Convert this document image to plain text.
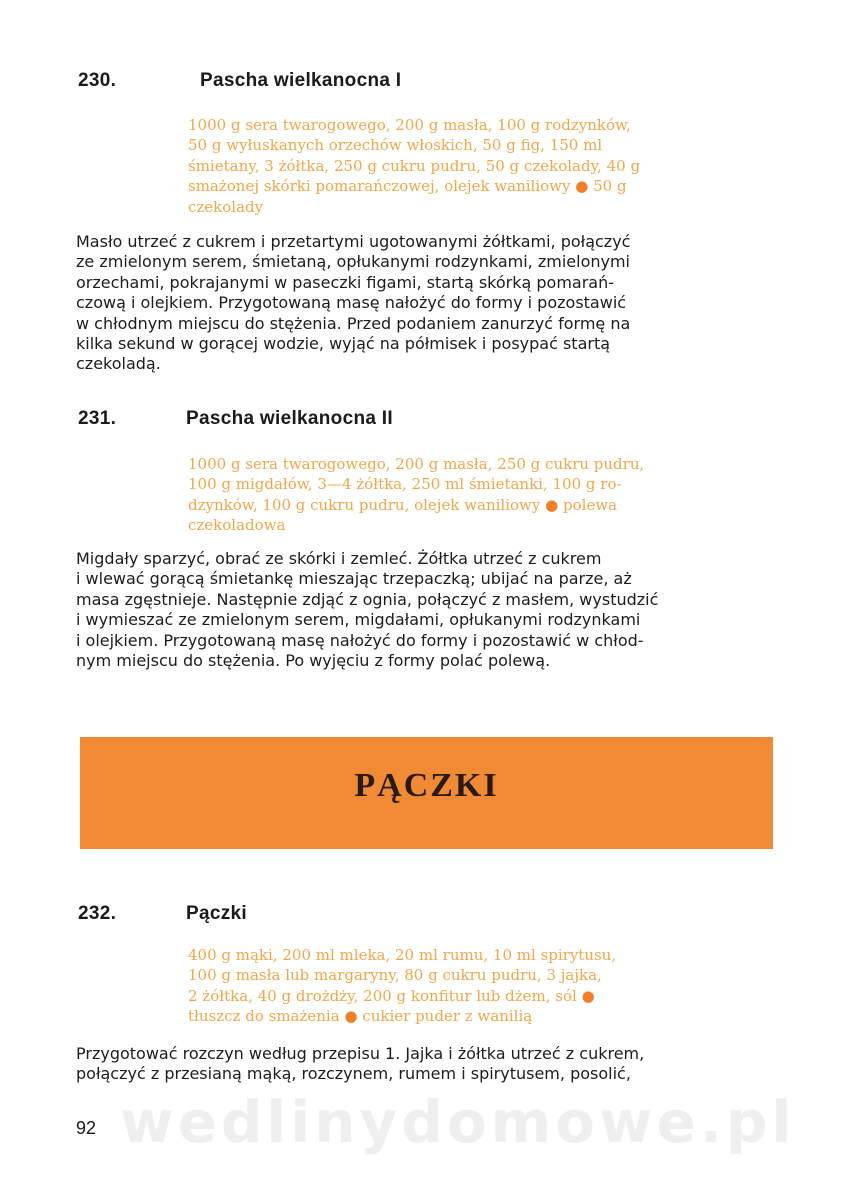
230.	Pascha wielkanocna I
1000 g sera twarogowego, 200 g masła, 100 g rodzynków,
50 g wyłuskanych orzechów włoskich, 50 g fig, 150 ml
śmietany, 3 żółtka, 250 g cukru pudru, 50 g czekolady, 40 g
smażonej skórki pomarańczowej, olejek waniliowy ● 50 g
czekolady
Masło utrzeć z cukrem i przetartymi ugotowanymi żółtkami, połączyć
ze zmielonym serem, śmietaną, opłukanymi rodzynkami, zmielonymi
orzechami, pokrajanymi w paseczki figami, startą skórką pomarań-
czową i olejkiem. Przygotowaną masę nałożyć do formy i pozostawić
w chłodnym miejscu do stężenia. Przed podaniem zanurzyć formę na
kilka sekund w gorącej wodzie, wyjąć na półmisek i posypać startą
czekoladą.
231.	Pascha wielkanocna II
1000 g sera twarogowego, 200 g masła, 250 g cukru pudru,
100 g migdałów, 3—4 żółtka, 250 ml śmietanki, 100 g ro-
dzynków, 100 g cukru pudru, olejek waniliowy ● polewa
czekoladowa
Migdały sparzyć, obrać ze skórki i zemleć. Żółtka utrzeć z cukrem
i wlewać gorącą śmietankę mieszając trzepaczką; ubijać na parze, aż
masa zgęstnieje. Następnie zdjąć z ognia, połączyć z masłem, wystudzić
i wymieszać ze zmielonym serem, migdałami, opłukanymi rodzynkami
i olejkiem. Przygotowaną masę nałożyć do formy i pozostawić w chłod-
nym miejscu do stężenia. Po wyjęciu z formy polać polewą.
PĄCZKI
232.	Pączki
400 g mąki, 200 ml mleka, 20 ml rumu, 10 ml spirytusu,
100 g masła lub margaryny, 80 g cukru pudru, 3 jajka,
2 żółtka, 40 g drożdży, 200 g konfitur lub dżem, sól ●
tłuszcz do smażenia ● cukier puder z wanilią
Przygotować rozczyn według przepisu 1. Jajka i żółtka utrzeć z cukrem,
połączyć z przesianą mąką, rozczynem, rumem i spirytusem, posolić,
wedlinydomowe.pl
92
